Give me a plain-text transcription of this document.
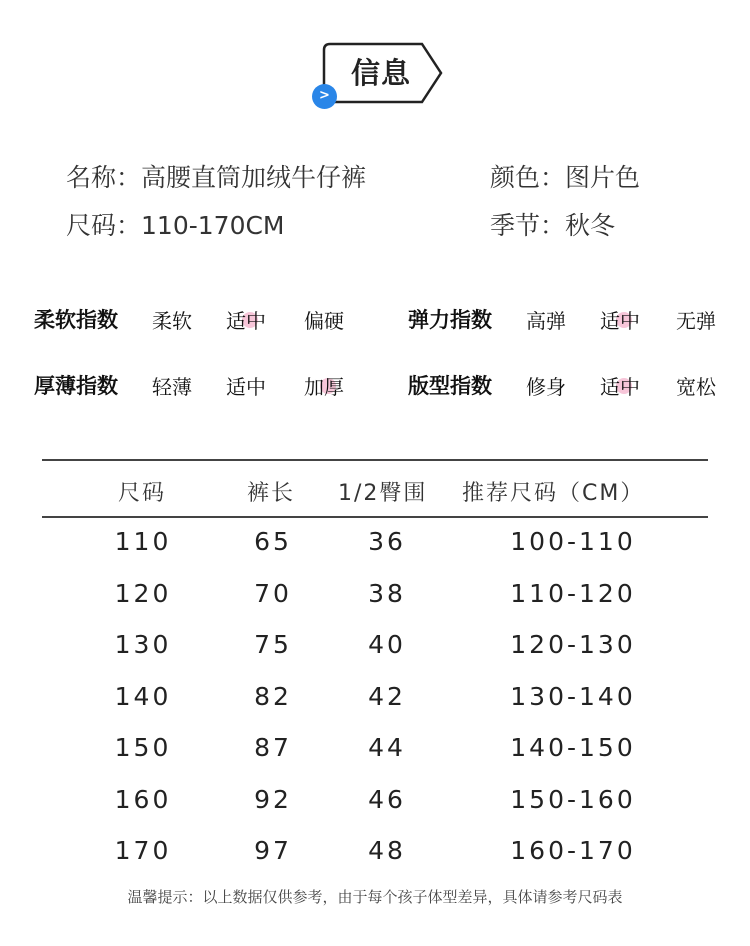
信息
>
名称：高腰直筒加绒牛仔裤	颜色：图片色
尺码：110-170CM	季节：秋冬
柔软指数 柔软 适中 偏硬	弹力指数 高弹 适中 无弹
厚薄指数 轻薄 适中 加厚	版型指数 修身 适中 宽松
尺码	裤长 1/2臀围 推荐尺码（CM）
110	65	36	100-110
120	70	38	110-120
130	75	40	120-130
140	82	42	130-140
150	87	44	140-150
160	92	46	150-160
170	97	48	160-170
温馨提示：以上数据仅供参考，由于每个孩子体型差异，具体请参考尺码表
